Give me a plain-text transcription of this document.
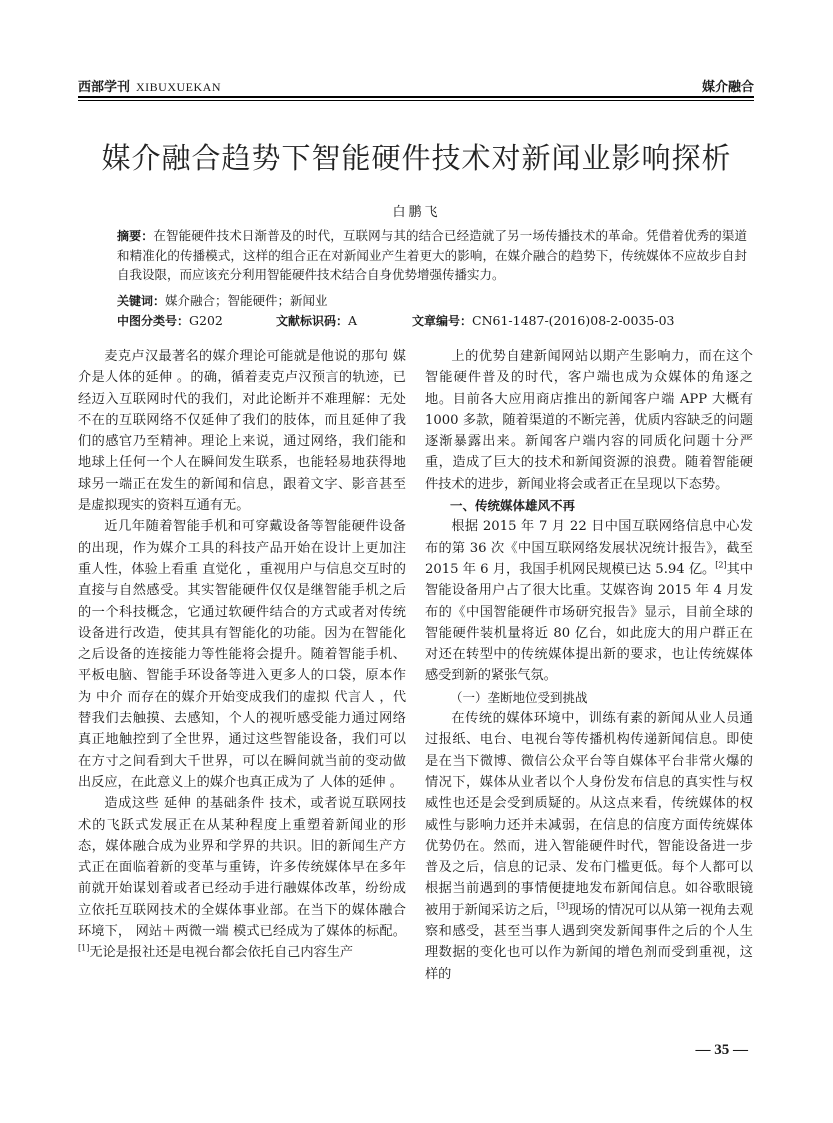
西部学刊 XIBUXUEKAN	媒介融合
媒介融合趋势下智能硬件技术对新闻业影响探析
白鹏飞

摘要：在智能硬件技术日渐普及的时代，互联网与其的结合已经造就了另一场传播技术的革命。凭借着优秀的渠道和精准化的传播模式，这样的组合正在对新闻业产生着更大的影响，在媒介融合的趋势下，传统媒体不应故步自封自我设限，而应该充分利用智能硬件技术结合自身优势增强传播实力。

关键词：媒介融合；智能硬件；新闻业
中图分类号：G202	文献标识码：A	文章编号：CN61-1487-(2016)08-2-0035-03

麦克卢汉最著名的媒介理论可能就是他说的那句 媒介是人体的延伸 。的确，循着麦克卢汉预言的轨迹，已经迈入互联网时代的我们，对此论断并不难理解：无处不在的互联网络不仅延伸了我们的肢体，而且延伸了我们的感官乃至精神。理论上来说，通过网络，我们能和地球上任何一个人在瞬间发生联系，也能轻易地获得地球另一端正在发生的新闻和信息，跟着文字、影音甚至是虚拟现实的资料互通有无。

近几年随着智能手机和可穿戴设备等智能硬件设备的出现，作为媒介工具的科技产品开始在设计上更加注重人性，体验上看重 直觉化 ，重视用户与信息交互时的直接与自然感受。其实智能硬件仅仅是继智能手机之后的一个科技概念，它通过软硬件结合的方式或者对传统设备进行改造，使其具有智能化的功能。因为在智能化之后设备的连接能力等性能将会提升。随着智能手机、平板电脑、智能手环设备等进入更多人的口袋，原本作为 中介 而存在的媒介开始变成我们的虚拟 代言人 ，代替我们去触摸、去感知，个人的视听感受能力通过网络真正地触控到了全世界，通过这些智能设备，我们可以在方寸之间看到大千世界，可以在瞬间就当前的变动做出反应，在此意义上的媒介也真正成为了 人体的延伸 。

造成这些 延伸 的基础条件 技术，或者说互联网技术的飞跃式发展正在从某种程度上重塑着新闻业的形态，媒体融合成为业界和学界的共识。旧的新闻生产方式正在面临着新的变革与重铸，许多传统媒体早在多年前就开始谋划着或者已经动手进行融媒体改革，纷纷成立依托互联网技术的全媒体事业部。在当下的媒体融合环境下， 网站＋两微一端 模式已经成为了媒体的标配。[1]无论是报社还是电视台都会依托自己内容生产

上的优势自建新闻网站以期产生影响力，而在这个智能硬件普及的时代，客户端也成为众媒体的角逐之地。目前各大应用商店推出的新闻客户端 APP 大概有 1000 多款，随着渠道的不断完善，优质内容缺乏的问题逐渐暴露出来。新闻客户端内容的同质化问题十分严重，造成了巨大的技术和新闻资源的浪费。随着智能硬件技术的进步，新闻业将会或者正在呈现以下态势。

一、传统媒体雄风不再

根据 2015 年 7 月 22 日中国互联网络信息中心发布的第 36 次《中国互联网络发展状况统计报告》，截至 2015 年 6 月，我国手机网民规模已达 5.94 亿。[2]其中智能设备用户占了很大比重。艾媒咨询 2015 年 4 月发布的《中国智能硬件市场研究报告》显示，目前全球的智能硬件装机量将近 80 亿台，如此庞大的用户群正在对还在转型中的传统媒体提出新的要求，也让传统媒体感受到新的紧张气氛。

（一）垄断地位受到挑战

在传统的媒体环境中，训练有素的新闻从业人员通过报纸、电台、电视台等传播机构传递新闻信息。即使是在当下微博、微信公众平台等自媒体平台非常火爆的情况下，媒体从业者以个人身份发布信息的真实性与权威性也还是会受到质疑的。从这点来看，传统媒体的权威性与影响力还并未减弱，在信息的信度方面传统媒体优势仍在。然而，进入智能硬件时代，智能设备进一步普及之后，信息的记录、发布门槛更低。每个人都可以根据当前遇到的事情便捷地发布新闻信息。如谷歌眼镜被用于新闻采访之后，[3]现场的情况可以从第一视角去观察和感受，甚至当事人遇到突发新闻事件之后的个人生理数据的变化也可以作为新闻的增色剂而受到重视，这样的

— 35 —
